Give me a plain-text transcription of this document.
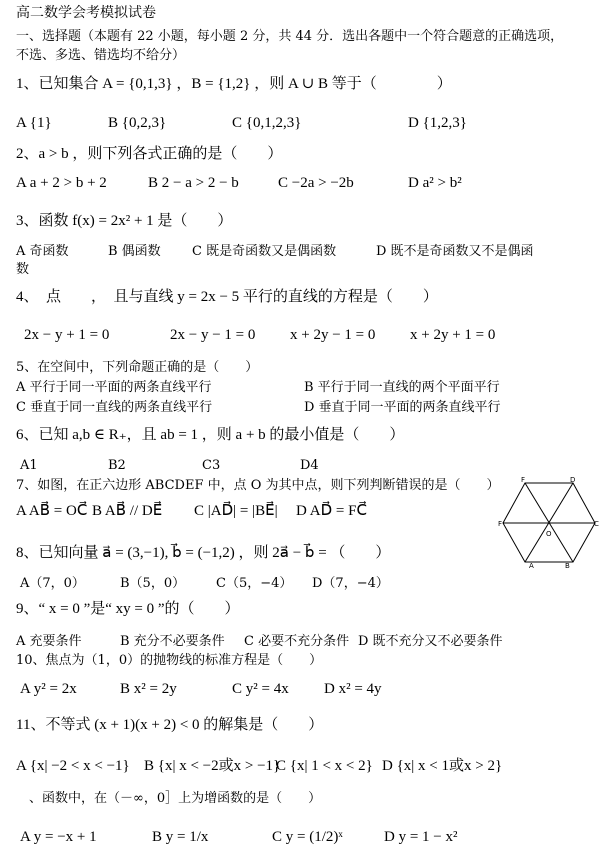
高二数学会考模拟试卷
一、选择题（本题有 22 小题，每小题 2 分，共 44 分．选出各题中一个符合题意的正确选项，
不选、多选、错选均不给分）
1、已知集合 A = {0,1,3} ，B = {1,2} ，则 A ∪ B 等于（　　　　）
A {1}	B {0,2,3}	C {0,1,2,3}	D {1,2,3}
2、a > b ，则下列各式正确的是（　　）
A a + 2 > b + 2	B 2 − a > 2 − b	C −2a > −2b	D a² > b²
3、函数 f(x) = 2x² + 1 是（　　）
A 奇函数	B 偶函数 C 既是奇函数又是偶函数	D 既不是奇函数又不是偶函
数
4、　点　　，　且与直线 y = 2x − 5 平行的直线的方程是（　　）
2x − y + 1 = 0	2x − y − 1 = 0 x + 2y − 1 = 0 x + 2y + 1 = 0
5、在空间中，下列命题正确的是（　　）
A 平行于同一平面的两条直线平行	B 平行于同一直线的两个平面平行
C 垂直于同一直线的两条直线平行	D 垂直于同一平面的两条直线平行
6、已知 a,b ∈ R₊，且 ab = 1 ，则 a + b 的最小值是（　　）
A1	B2	C3	D4
7、如图，在正六边形 ABCDEF 中，点 O 为其中点，则下列判断错误的是（　　）
A AB⃗ = OC⃗ B AB⃗ // DE⃗ C |AD⃗| = |BE⃗| D AD⃗ = FC⃗
F	D
F	C
O
A	B
8、已知向量 a⃗ = (3,−1), b⃗ = (−1,2) ，则 2a⃗ − b⃗ = （　　）
A（7，0）	B（5，0） C（5，−4） D（7，−4）
9、“ x = 0 ”是“ xy = 0 ”的（　　）
A 充要条件	B 充分不必要条件 C 必要不充分条件 D 既不充分又不必要条件
10、焦点为（1，0）的抛物线的标准方程是（　　）
A y² = 2x	B x² = 2y	C y² = 4x D x² = 4y
11、不等式 (x + 1)(x + 2) < 0 的解集是（　　）
A {x| −2 < x < −1} B {x| x < −2或x > −1}
C {x| 1 < x < 2} D {x| x < 1或x > 2}
　、函数中，在（－∞，0］上为增函数的是（　　）
A y = −x + 1	B y = 1/x	C y = (1/2)ˣ	D y = 1 − x²
